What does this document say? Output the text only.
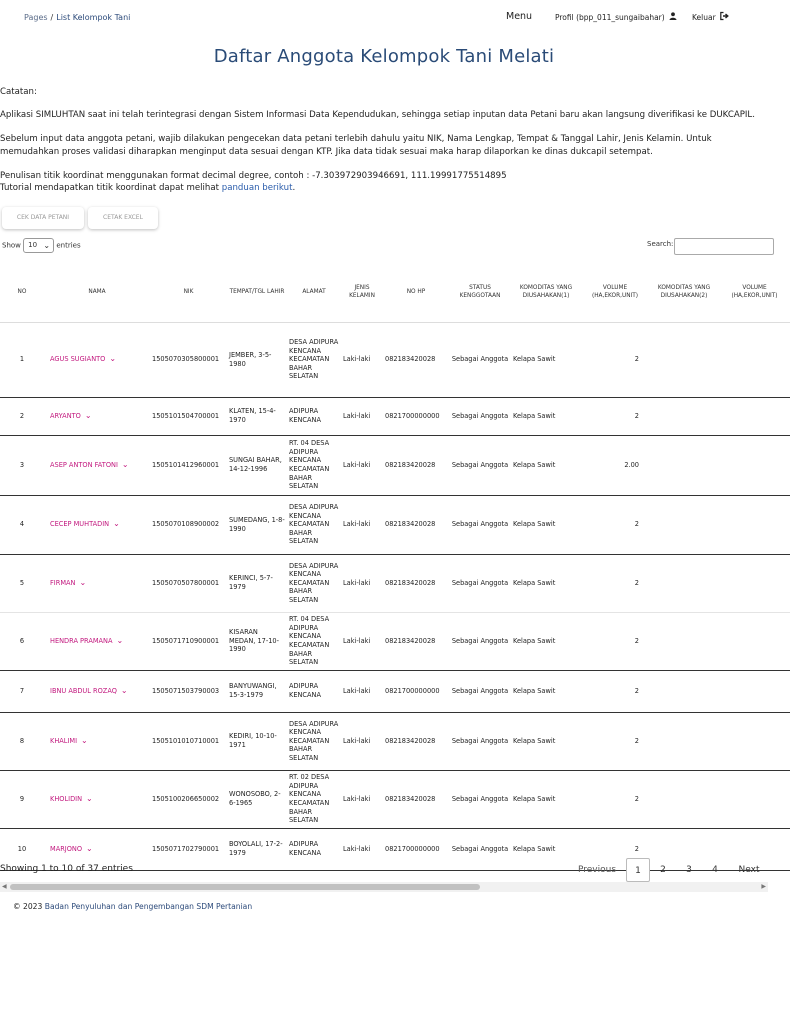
Pages / List Kelompok Tani	Menu	Profil (bpp_011_sungaibahar)	Keluar
Daftar Anggota Kelompok Tani Melati

Catatan:

Aplikasi SIMLUHTAN saat ini telah terintegrasi dengan Sistem Informasi Data Kependudukan, sehingga setiap inputan data Petani baru akan langsung diverifikasi ke DUKCAPIL.

Sebelum input data anggota petani, wajib dilakukan pengecekan data petani terlebih dahulu yaitu NIK, Nama Lengkap, Tempat & Tanggal Lahir, Jenis Kelamin. Untuk memudahkan proses validasi diharapkan menginput data sesuai dengan KTP. Jika data tidak sesuai maka harap dilaporkan ke dinas dukcapil setempat.

Penulisan titik koordinat menggunakan format decimal degree, contoh : -7.303972903946691, 111.19991775514895

Tutorial mendapatkan titik koordinat dapat melihat panduan berikut.

CEK DATA PETANI	CETAK EXCEL
Show 10 ⌄ entries	Search:
NO	NAMA	NIK	TEMPAT/TGL LAHIR	ALAMAT	JENIS KELAMIN	NO HP	STATUS KENGGOTAAN	KOMODITAS YANG DIUSAHAKAN(1)	VOLUME (HA,EKOR,UNIT)	KOMODITAS YANG DIUSAHAKAN(2)	VOLUME (HA,EKOR,UNIT)
1	AGUS SUGIANTO ⌄	1505070305800001	JEMBER, 3-5-1980	DESA ADIPURA KENCANA KECAMATAN BAHAR SELATAN	Laki-laki	082183420028	Sebagai Anggota	Kelapa Sawit	2		
2	ARYANTO ⌄	1505101504700001	KLATEN, 15-4-1970	ADIPURA KENCANA	Laki-laki	0821700000000	Sebagai Anggota	Kelapa Sawit	2		
3	ASEP ANTON FATONI ⌄	1505101412960001	SUNGAI BAHAR, 14-12-1996	RT. 04 DESA ADIPURA KENCANA KECAMATAN BAHAR SELATAN	Laki-laki	082183420028	Sebagai Anggota	Kelapa Sawit	2.00		
4	CECEP MUHTADIN ⌄	1505070108900002	SUMEDANG, 1-8-1990	DESA ADIPURA KENCANA KECAMATAN BAHAR SELATAN	Laki-laki	082183420028	Sebagai Anggota	Kelapa Sawit	2		
5	FIRMAN ⌄	1505070507800001	KERINCI, 5-7-1979	DESA ADIPURA KENCANA KECAMATAN BAHAR SELATAN	Laki-laki	082183420028	Sebagai Anggota	Kelapa Sawit	2		
6	HENDRA PRAMANA ⌄	1505071710900001	KISARAN MEDAN, 17-10-1990	RT. 04 DESA ADIPURA KENCANA KECAMATAN BAHAR SELATAN	Laki-laki	082183420028	Sebagai Anggota	Kelapa Sawit	2		
7	IBNU ABDUL ROZAQ ⌄	1505071503790003	BANYUWANGI, 15-3-1979	ADIPURA KENCANA	Laki-laki	0821700000000	Sebagai Anggota	Kelapa Sawit	2		
8	KHALIMI ⌄	1505101010710001	KEDIRI, 10-10-1971	DESA ADIPURA KENCANA KECAMATAN BAHAR SELATAN	Laki-laki	082183420028	Sebagai Anggota	Kelapa Sawit	2		
9	KHOLIDIN ⌄	1505100206650002	WONOSOBO, 2-6-1965	RT. 02 DESA ADIPURA KENCANA KECAMATAN BAHAR SELATAN	Laki-laki	082183420028	Sebagai Anggota	Kelapa Sawit	2		
10	MARJONO ⌄	1505071702790001	BOYOLALI, 17-2-1979	ADIPURA KENCANA	Laki-laki	0821700000000	Sebagai Anggota	Kelapa Sawit	2		
Showing 1 to 10 of 37 entries	Previous	1	2	3	4	Next
◀	▶
© 2023 Badan Penyuluhan dan Pengembangan SDM Pertanian
